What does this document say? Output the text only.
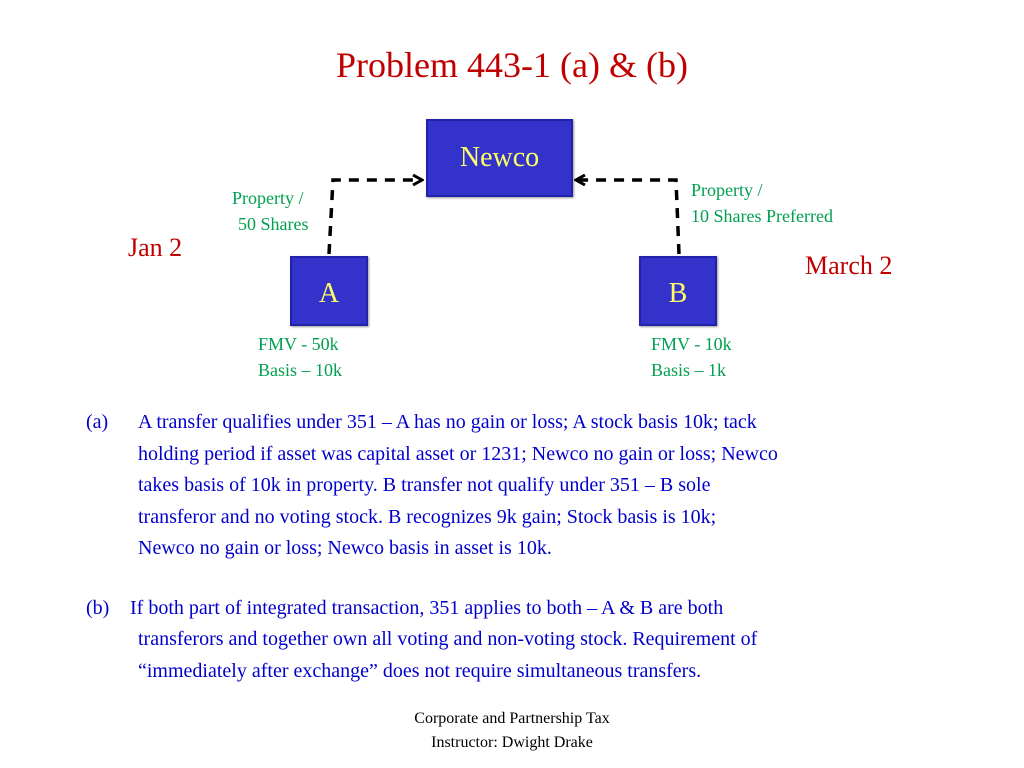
Problem 443-1 (a) & (b)
Newco
A	B
Property /
50 Shares
Property /
10 Shares Preferred
Jan 2
March 2
FMV - 50k
Basis – 10k
FMV - 10k
Basis – 1k
(a) A transfer qualifies under 351 – A has no gain or loss; A stock basis 10k; tack
holding period if asset was capital asset or 1231; Newco no gain or loss; Newco
takes basis of 10k in property. B transfer not qualify under 351 – B sole
transferor and no voting stock. B recognizes 9k gain; Stock basis is 10k;
Newco no gain or loss; Newco basis in asset is 10k.
(b) If both part of integrated transaction, 351 applies to both – A & B are both
transferors and together own all voting and non-voting stock. Requirement of
“immediately after exchange” does not require simultaneous transfers.
Corporate and Partnership Tax
Instructor: Dwight Drake
